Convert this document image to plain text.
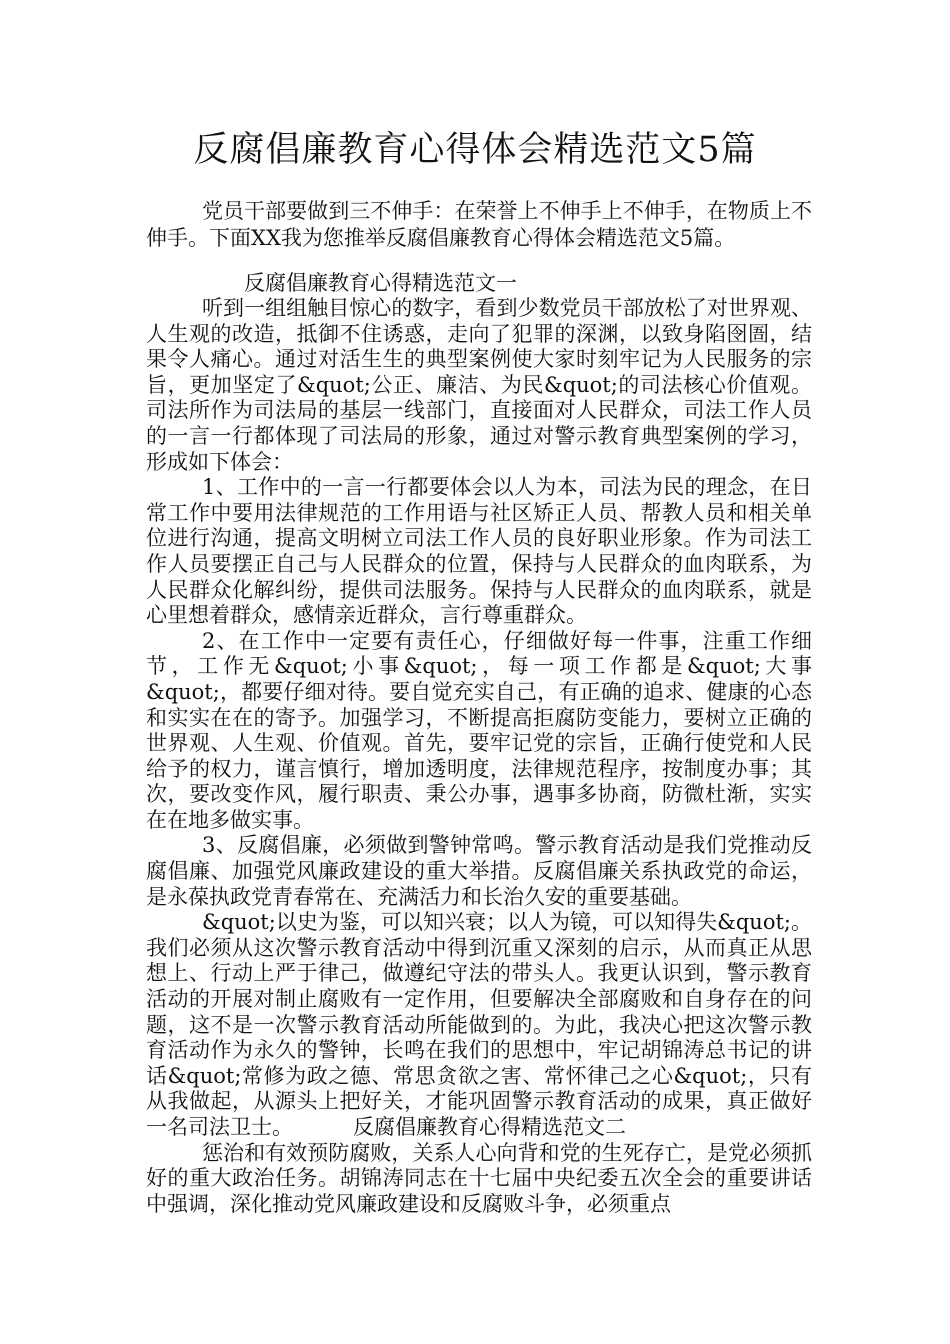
反腐倡廉教育心得体会精选范文5篇

党员干部要做到三不伸手：在荣誉上不伸手上不伸手，在物质上不伸手。下面XX我为您推举反腐倡廉教育心得体会精选范文5篇。

反腐倡廉教育心得精选范文一

听到一组组触目惊心的数字，看到少数党员干部放松了对世界观、人生观的改造，抵御不住诱惑，走向了犯罪的深渊，以致身陷囹圄，结果令人痛心。通过对活生生的典型案例使大家时刻牢记为人民服务的宗旨，更加坚定了&quot;公正、廉洁、为民&quot;的司法核心价值观。司法所作为司法局的基层一线部门，直接面对人民群众，司法工作人员的一言一行都体现了司法局的形象，通过对警示教育典型案例的学习，形成如下体会：

1、工作中的一言一行都要体会以人为本，司法为民的理念，在日常工作中要用法律规范的工作用语与社区矫正人员、帮教人员和相关单位进行沟通，提高文明树立司法工作人员的良好职业形象。作为司法工作人员要摆正自己与人民群众的位置，保持与人民群众的血肉联系，为人民群众化解纠纷，提供司法服务。保持与人民群众的血肉联系，就是心里想着群众，感情亲近群众，言行尊重群众。

2、在工作中一定要有责任心，仔细做好每一件事，注重工作细节，工作无&quot;小事&quot;，每一项工作都是&quot;大事&quot;，都要仔细对待。要自觉充实自己，有正确的追求、健康的心态和实实在在的寄予。加强学习，不断提高拒腐防变能力，要树立正确的世界观、人生观、价值观。首先，要牢记党的宗旨，正确行使党和人民给予的权力，谨言慎行，增加透明度，法律规范程序，按制度办事；其次，要改变作风，履行职责、秉公办事，遇事多协商，防微杜渐，实实在在地多做实事。

3、反腐倡廉，必须做到警钟常鸣。警示教育活动是我们党推动反腐倡廉、加强党风廉政建设的重大举措。反腐倡廉关系执政党的命运，是永葆执政党青春常在、充满活力和长治久安的重要基础。

&quot;以史为鉴，可以知兴衰；以人为镜，可以知得失&quot;。我们必须从这次警示教育活动中得到沉重又深刻的启示，从而真正从思想上、行动上严于律己，做遵纪守法的带头人。我更认识到，警示教育活动的开展对制止腐败有一定作用，但要解决全部腐败和自身存在的问题，这不是一次警示教育活动所能做到的。为此，我决心把这次警示教育活动作为永久的警钟，长鸣在我们的思想中，牢记胡锦涛总书记的讲话&quot;常修为政之德、常思贪欲之害、常怀律己之心&quot;，只有从我做起，从源头上把好关，才能巩固警示教育活动的成果，真正做好一名司法卫士。	反腐倡廉教育心得精选范文二

惩治和有效预防腐败，关系人心向背和党的生死存亡，是党必须抓好的重大政治任务。胡锦涛同志在十七届中央纪委五次全会的重要讲话中强调，深化推动党风廉政建设和反腐败斗争，必须重点
